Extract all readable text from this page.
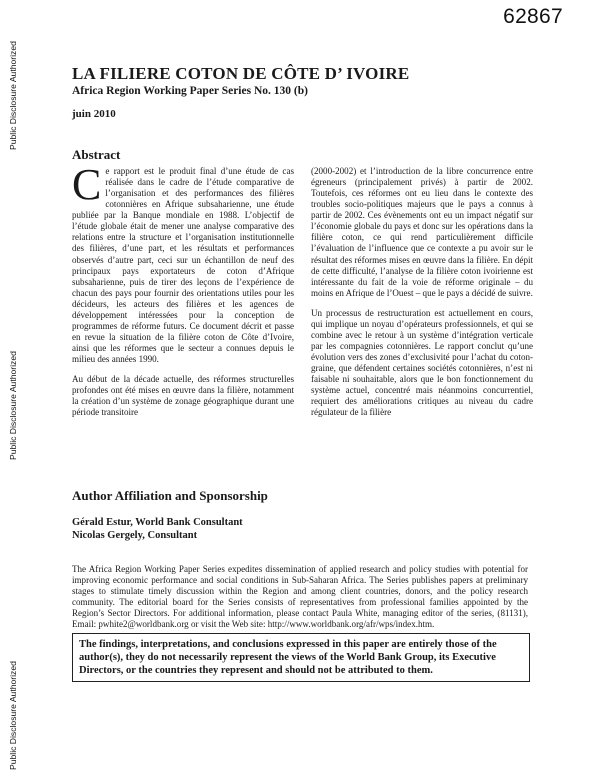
62867
Public Disclosure Authorized
Public Disclosure Authorized
Public Disclosure Authorized
LA FILIERE COTON DE CÔTE D’ IVOIRE
Africa Region Working Paper Series No. 130 (b)
juin 2010
Abstract

Ce rapport est le produit final d’une étude de cas réalisée dans le cadre de l’étude comparative de l’organisation et des performances des filières cotonnières en Afrique subsaharienne, une étude publiée par la Banque mondiale en 1988. L’objectif de l’étude globale était de mener une analyse comparative des relations entre la structure et l’organisation institutionnelle des filières, d’une part, et les résultats et performances observés d’autre part, ceci sur un échantillon de neuf des principaux pays exportateurs de coton d’Afrique subsaharienne, puis de tirer des leçons de l’expérience de chacun des pays pour fournir des orientations utiles pour les décideurs, les acteurs des filières et les agences de développement intéressées pour la conception de programmes de réforme futurs. Ce document décrit et passe en revue la situation de la filière coton de Côte d’Ivoire, ainsi que les réformes que le secteur a connues depuis le milieu des années 1990.

Au début de la décade actuelle, des réformes structurelles profondes ont été mises en œuvre dans la filière, notamment la création d’un système de zonage géographique durant une période transitoire

(2000-2002) et l’introduction de la libre concurrence entre égreneurs (principalement privés) à partir de 2002. Toutefois, ces réformes ont eu lieu dans le contexte des troubles socio-politiques majeurs que le pays a connus à partir de 2002. Ces évènements ont eu un impact négatif sur l’économie globale du pays et donc sur les opérations dans la filière coton, ce qui rend particulièrement difficile l’évaluation de l’influence que ce contexte a pu avoir sur le résultat des réformes mises en œuvre dans la filière. En dépit de cette difficulté, l’analyse de la filière coton ivoirienne est intéressante du fait de la voie de réforme originale – du moins en Afrique de l’Ouest – que le pays a décidé de suivre.

Un processus de restructuration est actuellement en cours, qui implique un noyau d’opérateurs professionnels, et qui se combine avec le retour à un système d’intégration verticale par les compagnies cotonnières. Le rapport conclut qu’une évolution vers des zones d’exclusivité pour l’achat du coton-graine, que défendent certaines sociétés cotonnières, n’est ni faisable ni souhaitable, alors que le bon fonctionnement du système actuel, concentré mais néanmoins concurrentiel, requiert des améliorations critiques au niveau du cadre régulateur de la filière

Author Affiliation and Sponsorship
Gérald Estur, World Bank Consultant
Nicolas Gergely, Consultant

The Africa Region Working Paper Series expedites dissemination of applied research and policy studies with potential for improving economic performance and social conditions in Sub-Saharan Africa. The Series publishes papers at preliminary stages to stimulate timely discussion within the Region and among client countries, donors, and the policy research community. The editorial board for the Series consists of representatives from professional families appointed by the Region’s Sector Directors. For additional information, please contact Paula White, managing editor of the series, (81131), Email: pwhite2@worldbank.org or visit the Web site: http://www.worldbank.org/afr/wps/index.htm.

The findings, interpretations, and conclusions expressed in this paper are entirely those of the author(s), they do not necessarily represent the views of the World Bank Group, its Executive Directors, or the countries they represent and should not be attributed to them.
